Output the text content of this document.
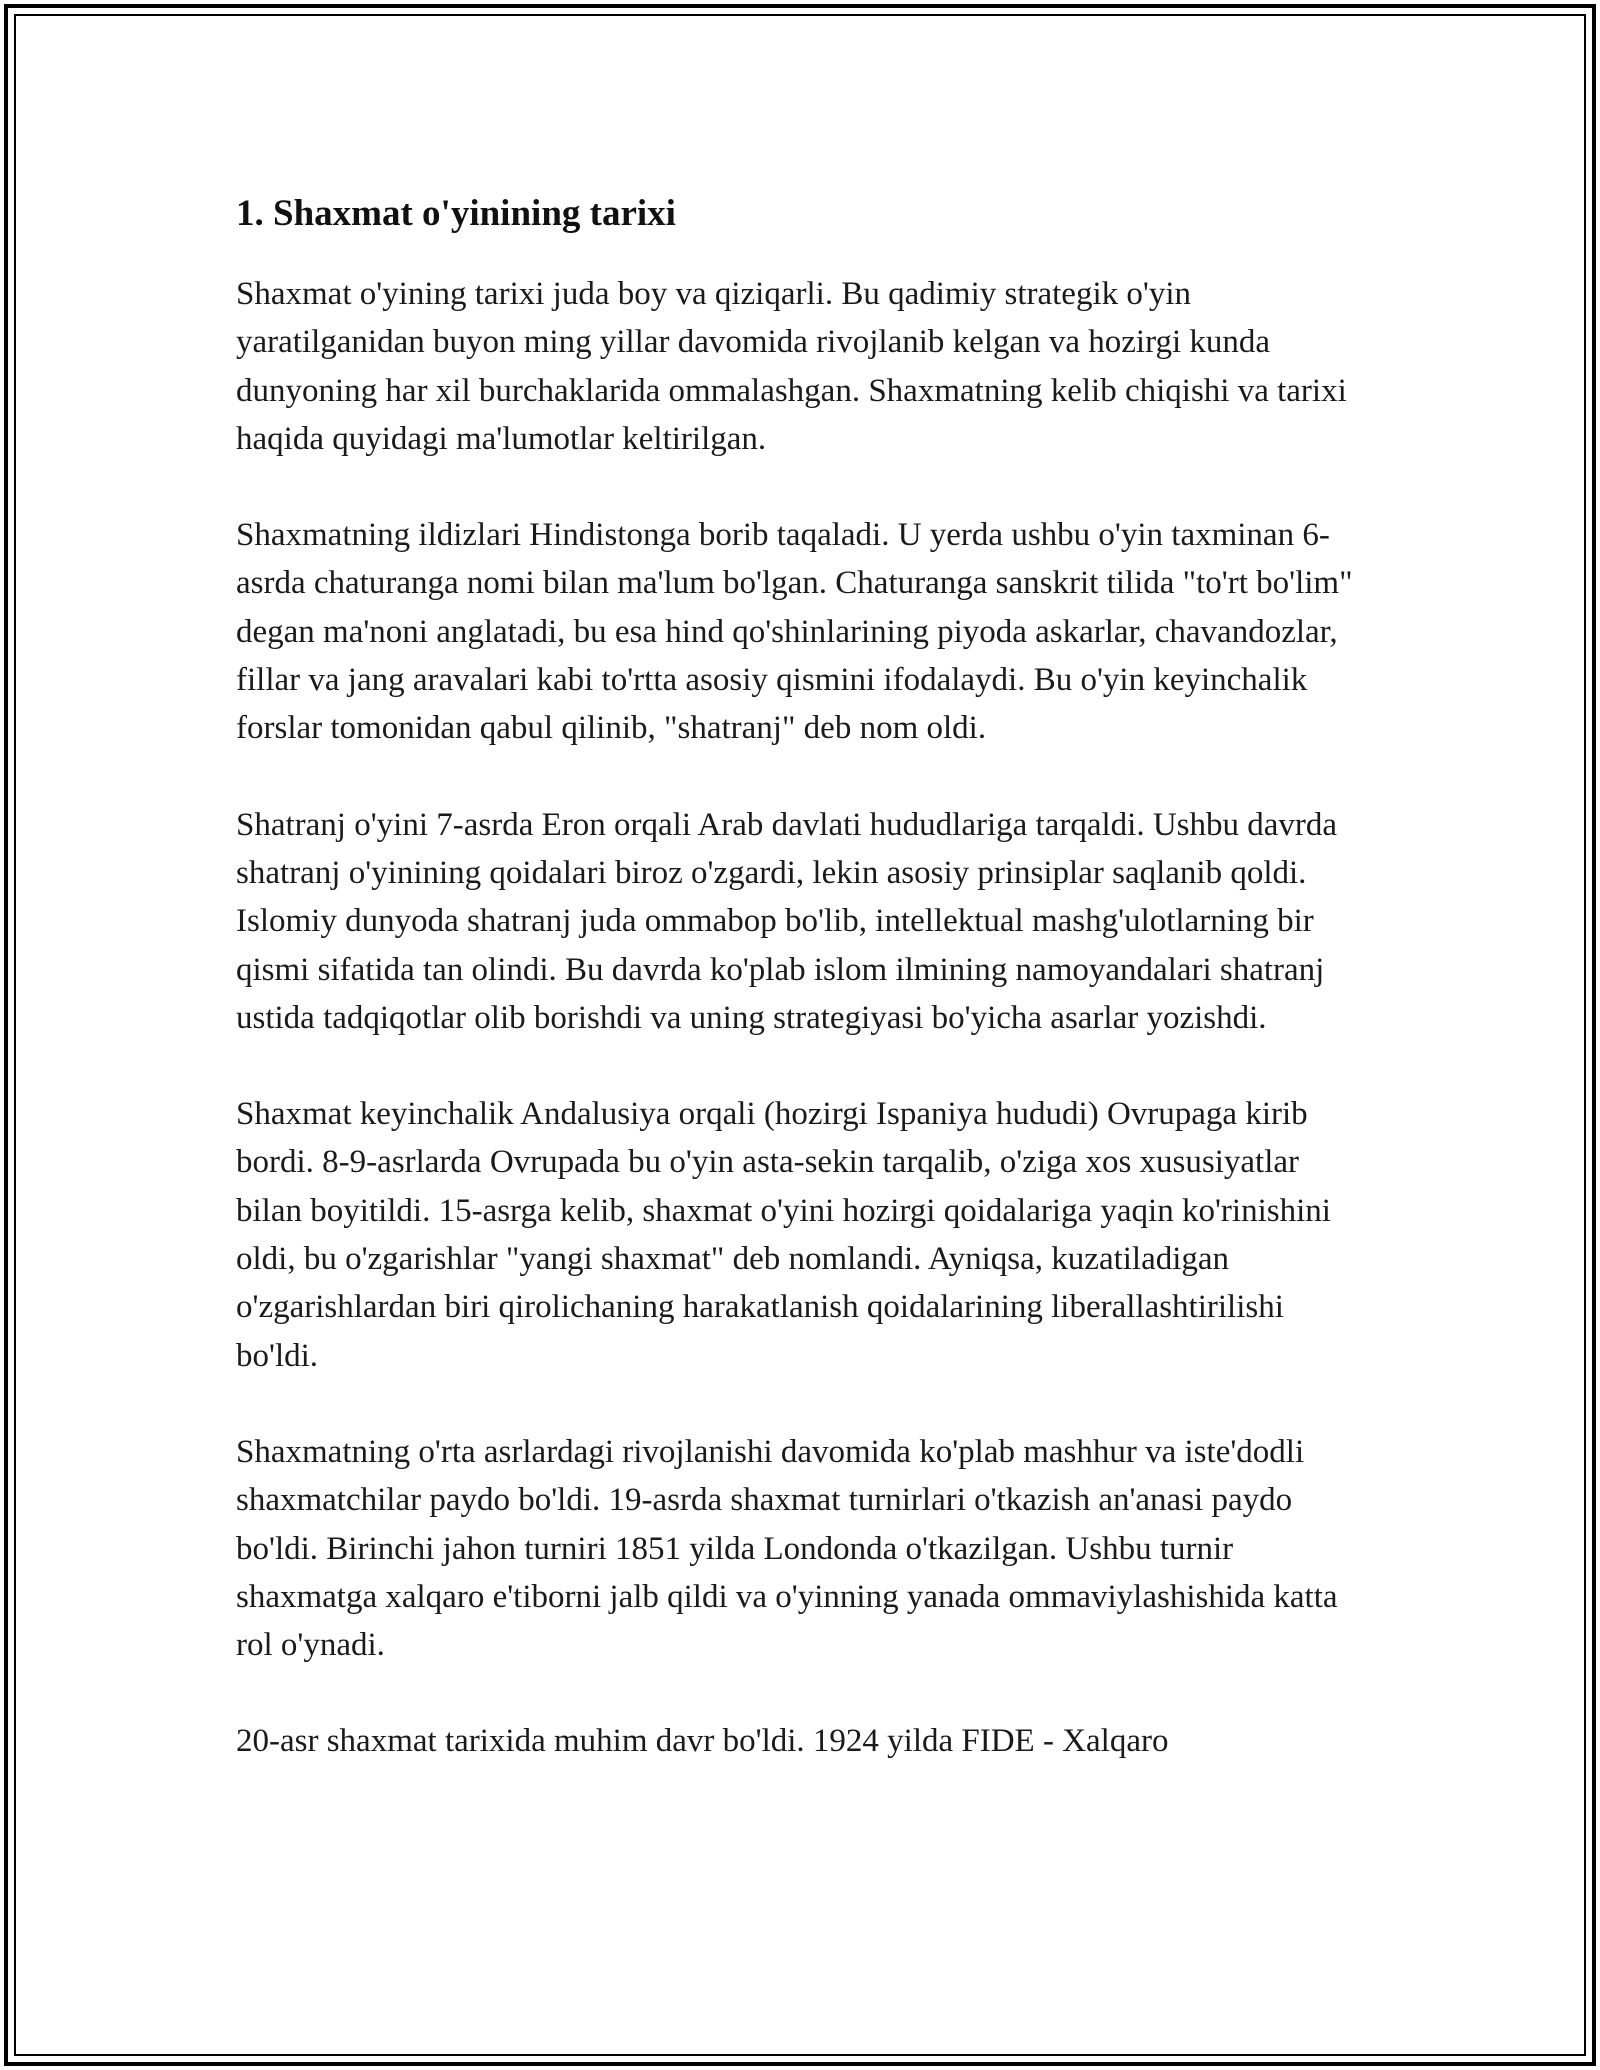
1. Shaxmat o'yinining tarixi

Shaxmat o'yining tarixi juda boy va qiziqarli. Bu qadimiy strategik o'yin yaratilganidan buyon ming yillar davomida rivojlanib kelgan va hozirgi kunda dunyoning har xil burchaklarida ommalashgan. Shaxmatning kelib chiqishi va tarixi haqida quyidagi ma'lumotlar keltirilgan.

Shaxmatning ildizlari Hindistonga borib taqaladi. U yerda ushbu o'yin taxminan 6-asrda chaturanga nomi bilan ma'lum bo'lgan. Chaturanga sanskrit tilida "to'rt bo'lim" degan ma'noni anglatadi, bu esa hind qo'shinlarining piyoda askarlar, chavandozlar, fillar va jang aravalari kabi to'rtta asosiy qismini ifodalaydi. Bu o'yin keyinchalik forslar tomonidan qabul qilinib, "shatranj" deb nom oldi.

Shatranj o'yini 7-asrda Eron orqali Arab davlati hududlariga tarqaldi. Ushbu davrda shatranj o'yinining qoidalari biroz o'zgardi, lekin asosiy prinsiplar saqlanib qoldi. Islomiy dunyoda shatranj juda ommabop bo'lib, intellektual mashg'ulotlarning bir qismi sifatida tan olindi. Bu davrda ko'plab islom ilmining namoyandalari shatranj ustida tadqiqotlar olib borishdi va uning strategiyasi bo'yicha asarlar yozishdi.

Shaxmat keyinchalik Andalusiya orqali (hozirgi Ispaniya hududi) Ovrupaga kirib bordi. 8-9-asrlarda Ovrupada bu o'yin asta-sekin tarqalib, o'ziga xos xususiyatlar bilan boyitildi. 15-asrga kelib, shaxmat o'yini hozirgi qoidalariga yaqin ko'rinishini oldi, bu o'zgarishlar "yangi shaxmat" deb nomlandi. Ayniqsa, kuzatiladigan o'zgarishlardan biri qirolichaning harakatlanish qoidalarining liberallashtirilishi bo'ldi.

Shaxmatning o'rta asrlardagi rivojlanishi davomida ko'plab mashhur va iste'dodli shaxmatchilar paydo bo'ldi. 19-asrda shaxmat turnirlari o'tkazish an'anasi paydo bo'ldi. Birinchi jahon turniri 1851 yilda Londonda o'tkazilgan. Ushbu turnir shaxmatga xalqaro e'tiborni jalb qildi va o'yinning yanada ommaviylashishida katta rol o'ynadi.

20-asr shaxmat tarixida muhim davr bo'ldi. 1924 yilda FIDE - Xalqaro
